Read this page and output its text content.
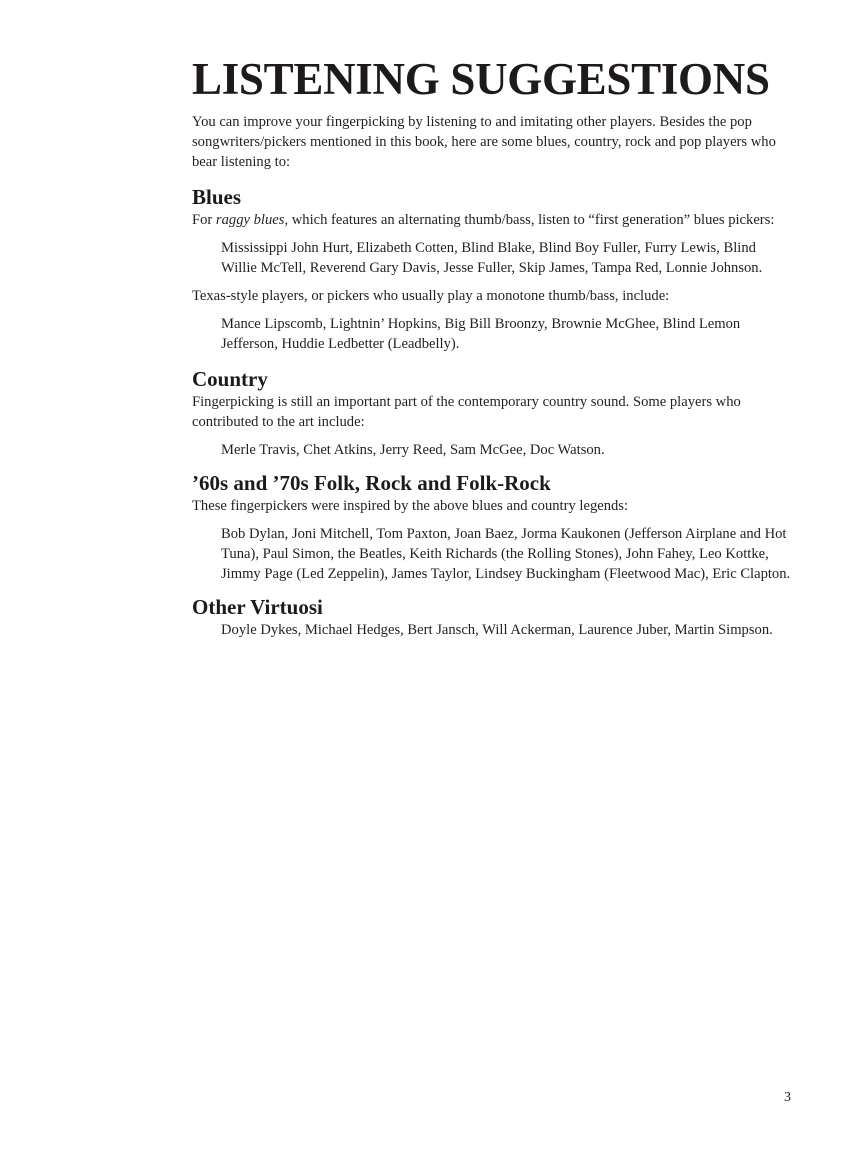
LISTENING SUGGESTIONS

You can improve your fingerpicking by listening to and imitating other players. Besides the pop songwriters/pickers mentioned in this book, here are some blues, country, rock and pop players who bear listening to:

Blues

For raggy blues, which features an alternating thumb/bass, listen to “first generation” blues pickers:

Mississippi John Hurt, Elizabeth Cotten, Blind Blake, Blind Boy Fuller, Furry Lewis, Blind Willie McTell, Reverend Gary Davis, Jesse Fuller, Skip James, Tampa Red, Lonnie Johnson.

Texas-style players, or pickers who usually play a monotone thumb/bass, include:

Mance Lipscomb, Lightnin’ Hopkins, Big Bill Broonzy, Brownie McGhee, Blind Lemon Jefferson, Huddie Ledbetter (Leadbelly).

Country

Fingerpicking is still an important part of the contemporary country sound. Some players who contributed to the art include:

Merle Travis, Chet Atkins, Jerry Reed, Sam McGee, Doc Watson.

’60s and ’70s Folk, Rock and Folk-Rock

These fingerpickers were inspired by the above blues and country legends:

Bob Dylan, Joni Mitchell, Tom Paxton, Joan Baez, Jorma Kaukonen (Jefferson Airplane and Hot Tuna), Paul Simon, the Beatles, Keith Richards (the Rolling Stones), John Fahey, Leo Kottke, Jimmy Page (Led Zeppelin), James Taylor, Lindsey Buckingham (Fleetwood Mac), Eric Clapton.

Other Virtuosi

Doyle Dykes, Michael Hedges, Bert Jansch, Will Ackerman, Laurence Juber, Martin Simpson.

3
